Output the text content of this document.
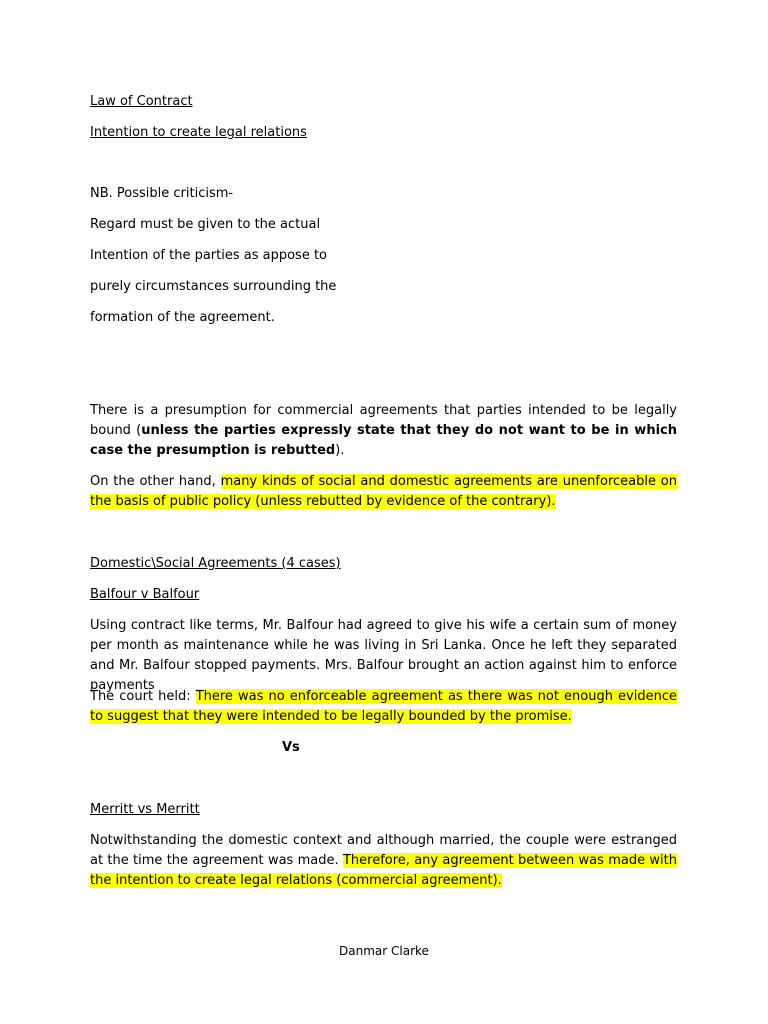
Law of Contract

Intention to create legal relations

NB. Possible criticism-

Regard must be given to the actual

Intention of the parties as appose to

purely circumstances surrounding the

formation of the agreement.

There is a presumption for commercial agreements that parties intended to be legally bound (unless the parties expressly state that they do not want to be in which case the presumption is rebutted).

On the other hand, many kinds of social and domestic agreements are unenforceable on the basis of public policy (unless rebutted by evidence of the contrary).

Domestic\Social Agreements (4 cases)

Balfour v Balfour

Using contract like terms, Mr. Balfour had agreed to give his wife a certain sum of money per month as maintenance while he was living in Sri Lanka. Once he left they separated and Mr. Balfour stopped payments. Mrs. Balfour brought an action against him to enforce payments

The court held: There was no enforceable agreement as there was not enough evidence to suggest that they were intended to be legally bounded by the promise.

Vs

Merritt vs Merritt

Notwithstanding the domestic context and although married, the couple were estranged at the time the agreement was made. Therefore, any agreement between was made with the intention to create legal relations (commercial agreement).

Danmar Clarke
